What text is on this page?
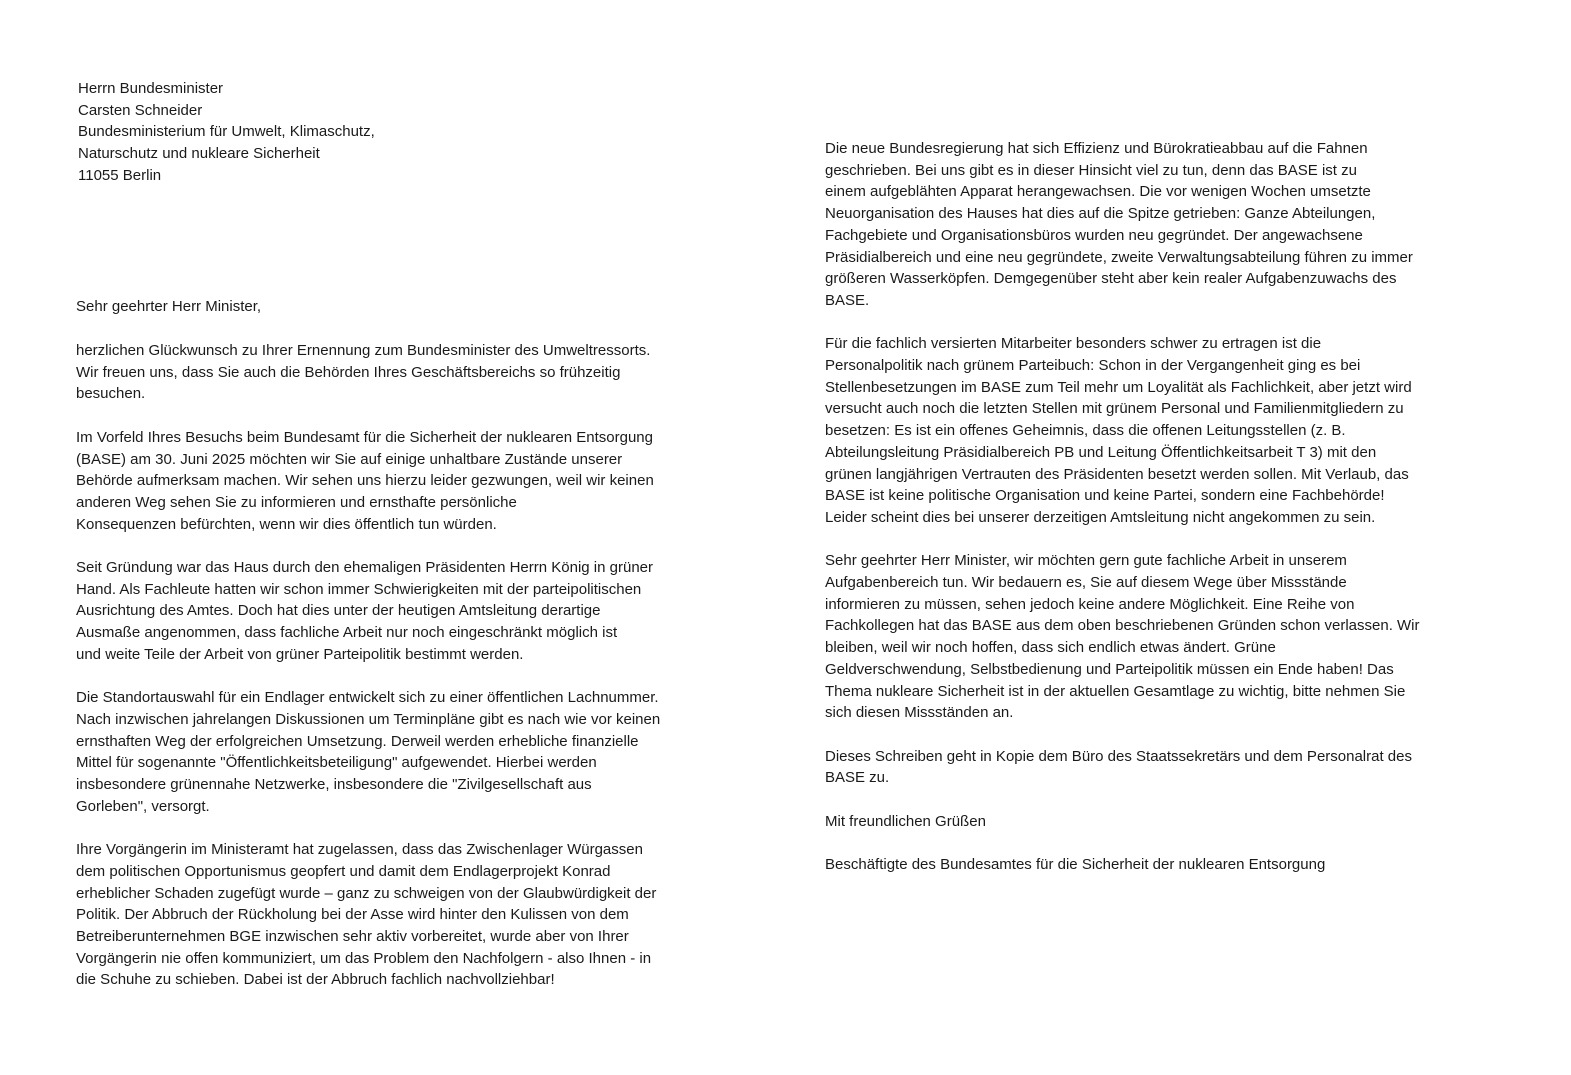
Herrn Bundesminister
Carsten Schneider
Bundesministerium für Umwelt, Klimaschutz,
Naturschutz und nukleare Sicherheit
11055 Berlin
Sehr geehrter Herr Minister,

herzlichen Glückwunsch zu Ihrer Ernennung zum Bundesminister des Umweltressorts.
Wir freuen uns, dass Sie auch die Behörden Ihres Geschäftsbereichs so frühzeitig
besuchen.

Im Vorfeld Ihres Besuchs beim Bundesamt für die Sicherheit der nuklearen Entsorgung
(BASE) am 30. Juni 2025 möchten wir Sie auf einige unhaltbare Zustände unserer
Behörde aufmerksam machen. Wir sehen uns hierzu leider gezwungen, weil wir keinen
anderen Weg sehen Sie zu informieren und ernsthafte persönliche
Konsequenzen befürchten, wenn wir dies öffentlich tun würden.

Seit Gründung war das Haus durch den ehemaligen Präsidenten Herrn König in grüner
Hand. Als Fachleute hatten wir schon immer Schwierigkeiten mit der parteipolitischen
Ausrichtung des Amtes. Doch hat dies unter der heutigen Amtsleitung derartige
Ausmaße angenommen, dass fachliche Arbeit nur noch eingeschränkt möglich ist
und weite Teile der Arbeit von grüner Parteipolitik bestimmt werden.

Die Standortauswahl für ein Endlager entwickelt sich zu einer öffentlichen Lachnummer.
Nach inzwischen jahrelangen Diskussionen um Terminpläne gibt es nach wie vor keinen
ernsthaften Weg der erfolgreichen Umsetzung. Derweil werden erhebliche finanzielle
Mittel für sogenannte "Öffentlichkeitsbeteiligung" aufgewendet. Hierbei werden
insbesondere grünennahe Netzwerke, insbesondere die "Zivilgesellschaft aus
Gorleben", versorgt.

Ihre Vorgängerin im Ministeramt hat zugelassen, dass das Zwischenlager Würgassen
dem politischen Opportunismus geopfert und damit dem Endlagerprojekt Konrad
erheblicher Schaden zugefügt wurde – ganz zu schweigen von der Glaubwürdigkeit der
Politik. Der Abbruch der Rückholung bei der Asse wird hinter den Kulissen von dem
Betreiberunternehmen BGE inzwischen sehr aktiv vorbereitet, wurde aber von Ihrer
Vorgängerin nie offen kommuniziert, um das Problem den Nachfolgern - also Ihnen - in
die Schuhe zu schieben. Dabei ist der Abbruch fachlich nachvollziehbar!

Die neue Bundesregierung hat sich Effizienz und Bürokratieabbau auf die Fahnen
geschrieben. Bei uns gibt es in dieser Hinsicht viel zu tun, denn das BASE ist zu
einem aufgeblähten Apparat herangewachsen. Die vor wenigen Wochen umsetzte
Neuorganisation des Hauses hat dies auf die Spitze getrieben: Ganze Abteilungen,
Fachgebiete und Organisationsbüros wurden neu gegründet. Der angewachsene
Präsidialbereich und eine neu gegründete, zweite Verwaltungsabteilung führen zu immer
größeren Wasserköpfen. Demgegenüber steht aber kein realer Aufgabenzuwachs des
BASE.

Für die fachlich versierten Mitarbeiter besonders schwer zu ertragen ist die
Personalpolitik nach grünem Parteibuch: Schon in der Vergangenheit ging es bei
Stellenbesetzungen im BASE zum Teil mehr um Loyalität als Fachlichkeit, aber jetzt wird
versucht auch noch die letzten Stellen mit grünem Personal und Familienmitgliedern zu
besetzen: Es ist ein offenes Geheimnis, dass die offenen Leitungsstellen (z. B.
Abteilungsleitung Präsidialbereich PB und Leitung Öffentlichkeitsarbeit T 3) mit den
grünen langjährigen Vertrauten des Präsidenten besetzt werden sollen. Mit Verlaub, das
BASE ist keine politische Organisation und keine Partei, sondern eine Fachbehörde!
Leider scheint dies bei unserer derzeitigen Amtsleitung nicht angekommen zu sein.

Sehr geehrter Herr Minister, wir möchten gern gute fachliche Arbeit in unserem
Aufgabenbereich tun. Wir bedauern es, Sie auf diesem Wege über Missstände
informieren zu müssen, sehen jedoch keine andere Möglichkeit. Eine Reihe von
Fachkollegen hat das BASE aus dem oben beschriebenen Gründen schon verlassen. Wir
bleiben, weil wir noch hoffen, dass sich endlich etwas ändert. Grüne
Geldverschwendung, Selbstbedienung und Parteipolitik müssen ein Ende haben! Das
Thema nukleare Sicherheit ist in der aktuellen Gesamtlage zu wichtig, bitte nehmen Sie
sich diesen Missständen an.

Dieses Schreiben geht in Kopie dem Büro des Staatssekretärs und dem Personalrat des
BASE zu.

Mit freundlichen Grüßen

Beschäftigte des Bundesamtes für die Sicherheit der nuklearen Entsorgung
